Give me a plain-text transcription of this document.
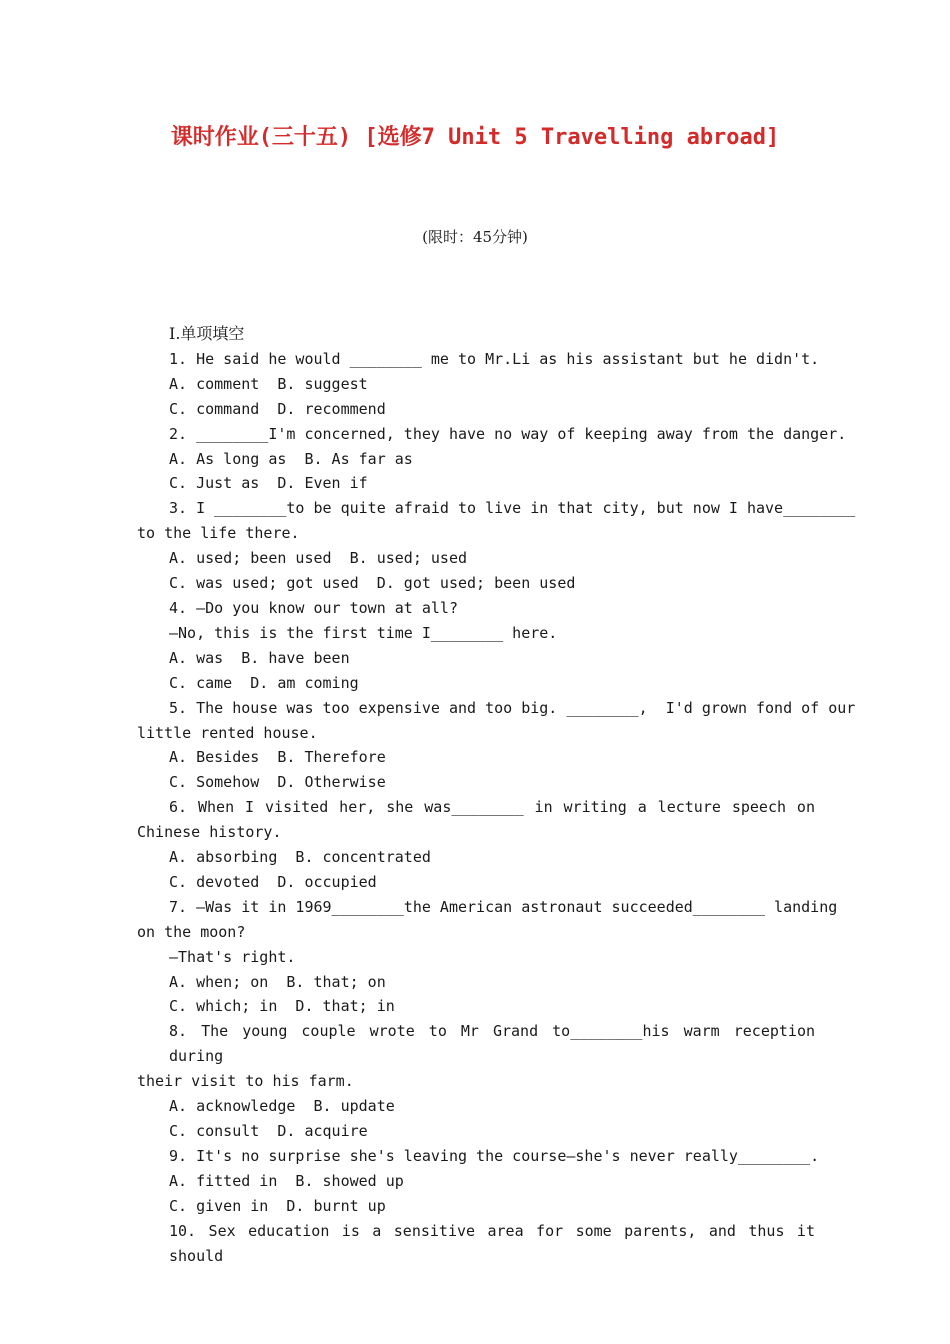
课时作业(三十五) [选修7 Unit 5 Travelling abroad]
(限时：45分钟)
Ⅰ.单项填空
1. He said he would ________ me to Mr.Li as his assistant but he didn't.
A. comment  B. suggest
C. command  D. recommend
2. ________I'm concerned, they have no way of keeping away from the danger.
A. As long as  B. As far as
C. Just as  D. Even if
3. I ________to be quite afraid to live in that city, but now I have________
to the life there.
A. used; been used  B. used; used
C. was used; got used  D. got used; been used
4. —Do you know our town at all?
—No, this is the first time I________ here.
A. was  B. have been
C. came  D. am coming
5. The house was too expensive and too big. ________,  I'd grown fond of our
little rented house.
A. Besides  B. Therefore
C. Somehow  D. Otherwise
6. When I visited her, she was________ in writing a lecture speech on
Chinese history.
A. absorbing  B. concentrated
C. devoted  D. occupied
7. —Was it in 1969________the American astronaut succeeded________ landing
on the moon?
—That's right.
A. when; on  B. that; on
C. which; in  D. that; in
8. The young couple wrote to Mr Grand to________his warm reception during
their visit to his farm.
A. acknowledge  B. update
C. consult  D. acquire
9. It's no surprise she's leaving the course—she's never really________.
A. fitted in  B. showed up
C. given in  D. burnt up
10. Sex education is a sensitive area for some parents, and thus it should
